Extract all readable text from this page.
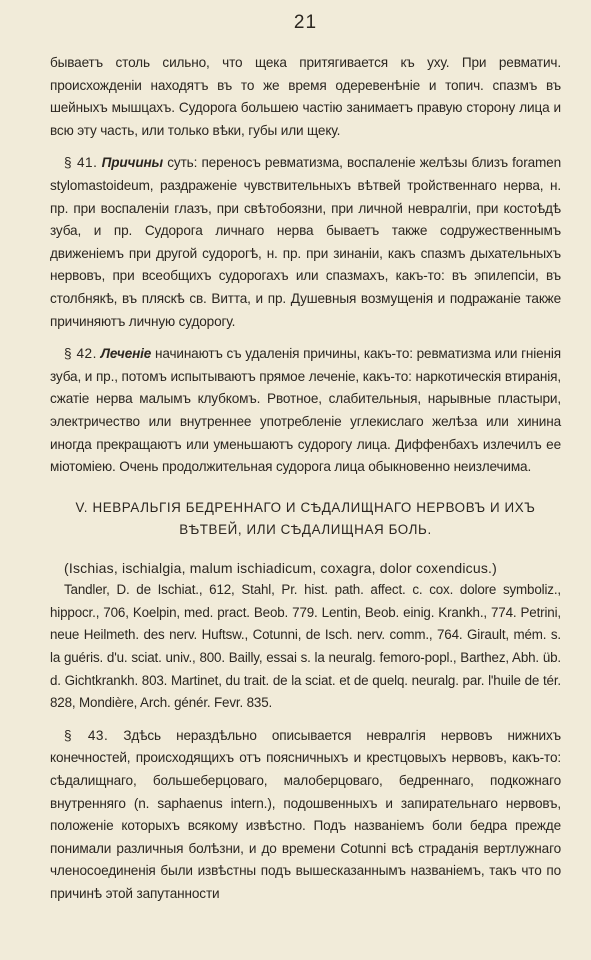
21

бываетъ столь сильно, что щека притягивается къ уху. При ревматич. происхожденіи находятъ въ то же время одеревенѣніе и топич. спазмъ въ шейныхъ мышцахъ. Судорога большею частію занимаетъ правую сторону лица и всю эту часть, или только вѣки, губы или щеку.

§ 41. Причины суть: переносъ ревматизма, воспаленіе желѣзы близъ foramen stylomastoideum, раздраженіе чувствительныхъ вѣтвей тройственнаго нерва, н. пр. при воспаленіи глазъ, при свѣтобоязни, при личной невралгіи, при костоѣдѣ зуба, и пр. Судорога личнаго нерва бываетъ также содружественнымъ движеніемъ при другой судорогѣ, н. пр. при зинаніи, какъ спазмъ дыхательныхъ нервовъ, при всеобщихъ судорогахъ или спазмахъ, какъ-то: въ эпилепсіи, въ столбнякѣ, въ пляскѣ св. Витта, и пр. Душевныя возмущенія и подражаніе также причиняютъ личную судорогу.

§ 42. Леченіе начинаютъ съ удаленія причины, какъ-то: ревматизма или гніенія зуба, и пр., потомъ испытываютъ прямое леченіе, какъ-то: наркотическія втиранія, сжатіе нерва малымъ клубкомъ. Рвотное, слабительныя, нарывные пластыри, электричество или внутреннее употребленіе углекислаго желѣза или хинина иногда прекращаютъ или уменьшаютъ судорогу лица. Диффенбахъ излечилъ ее міотоміею. Очень продолжительная судорога лица обыкновенно неизлечима.

V. НЕВРАЛЬГІЯ БЕДРЕННАГО И СѢДАЛИЩНАГО НЕРВОВЪ И ИХЪ
ВѢТВЕЙ, ИЛИ СѢДАЛИЩНАЯ БОЛЬ.

(Ischias, ischialgia, malum ischiadicum, coxagra, dolor coxendicus.)

Tandler, D. de Ischiat., 612, Stahl, Pr. hist. path. affect. c. cox. dolore symboliz., hippocr., 706, Koelpin, med. pract. Beob. 779. Lentin, Beob. einig. Krankh., 774. Petrini, neue Heilmeth. des nerv. Huftsw., Cotunni, de Isch. nerv. comm., 764. Girault, mém. s. la guéris. d'u. sciat. univ., 800. Bailly, essai s. la neuralg. femoro-popl., Barthez, Abh. üb. d. Gichtkrankh. 803. Martinet, du trait. de la sciat. et de quelq. neuralg. par. l'huile de tér. 828, Mondière, Arch. génér. Fevr. 835.

§ 43. Здѣсь нераздѣльно описывается невралгія нервовъ нижнихъ конечностей, происходящихъ отъ поясничныхъ и крестцовыхъ нервовъ, какъ-то: сѣдалищнаго, большеберцоваго, малоберцоваго, бедреннаго, подкожнаго внутренняго (n. saphaenus intern.), подошвенныхъ и запирательнаго нервовъ, положеніе которыхъ всякому извѣстно. Подъ названіемъ боли бедра прежде понимали различныя болѣзни, и до времени Cotunni всѣ страданія вертлужнаго членосоединенія были извѣстны подъ вышесказаннымъ названіемъ, такъ что по причинѣ этой запутанности
